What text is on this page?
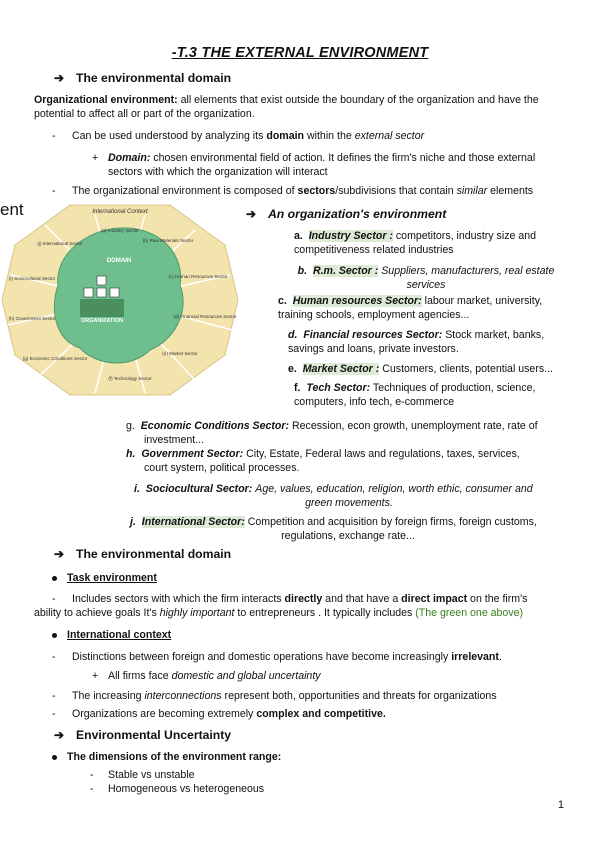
-T.3 THE EXTERNAL ENVIRONMENT
➔ The environmental domain
Organizational environment: all elements that exist outside the boundary of the organization and have the
potential to affect all or part of the organization.
- Can be used understood by analyzing its domain within the external sector
+ Domain: chosen environmental field of action. It defines the firm's niche and those external
sectors with which the organization will interact
- The organizational environment is composed of sectors/subdivisions that contain similar elements
ent	International Context
DOMAIN
ORGANIZATION
(a) Industry Sector
(b) Raw Materials Sector
(c) Human Resources Sector
(d) Financial Resources Sector
(e) Market Sector
(f) Technology Sector
(g) Economic Conditions Sector
(h) Government Sector
(i) Sociocultural Sector
(j) International Sector
➔ An organization's environment
a. Industry Sector : competitors, industry size and
competitiveness related industries
b. R.m. Sector : Suppliers, manufacturers, real estate
services
c. Human resources Sector: labour market, university,
training schools, employment agencies...
d. Financial resources Sector: Stock market, banks,
savings and loans, private investors.
e. Market Sector : Customers, clients, potential users...
f. Tech Sector: Techniques of production, science,
computers, info tech, e-commerce
g. Economic Conditions Sector: Recession, econ growth, unemployment rate, rate of
investment...
h. Government Sector: City, Estate, Federal laws and regulations, taxes, services,
court system, political processes.
i. Sociocultural Sector: Age, values, education, religion, worth ethic, consumer and

green movements.
j. International Sector: Competition and acquisition by foreign firms, foreign customs,

regulations, exchange rate...
➔ The environmental domain
Task environment
-	Includes sectors with which the firm interacts directly and that have a direct impact on the firm's
ability to achieve goals It's highly important to entrepreneurs . It typically includes (The green one above)
International context
- Distinctions between foreign and domestic operations have become increasingly irrelevant.
+ All firms face domestic and global uncertainty
- The increasing interconnections represent both, opportunities and threats for organizations
- Organizations are becoming extremely complex and competitive.
➔ Environmental Uncertainty
The dimensions of the environment range:
- Stable vs unstable
- Homogeneous vs heterogeneous
1
